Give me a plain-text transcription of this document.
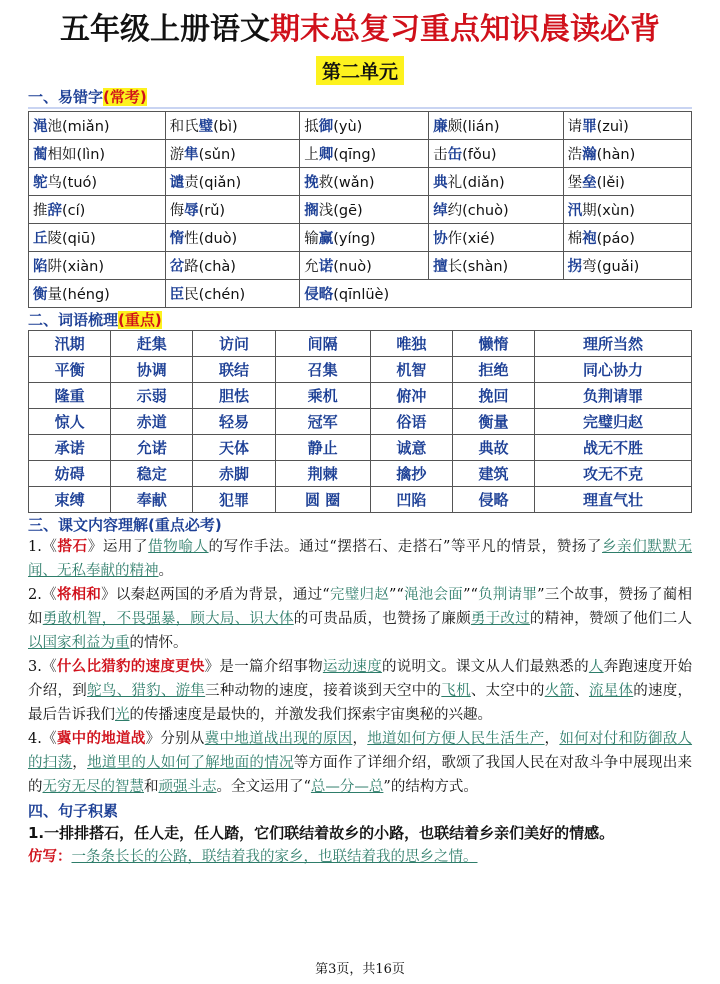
五年级上册语文 期末总复习重点知识晨读必背
第二单元
一、易错字(常考)
渑池(miǎn)	和氏璧(bì)	抵御(yù)	廉颇(lián)	请罪(zuì)
蔺相如(lìn)	游隼(sǔn)	上卿(qīng)	击缶(fǒu)	浩瀚(hàn)
鸵鸟(tuó)	谴责(qiǎn)	挽救(wǎn)	典礼(diǎn)	堡垒(lěi)
推辞(cí)	侮辱(rǔ)	搁浅(gē)	绰约(chuò)	汛期(xùn)
丘陵(qiū)	惰性(duò)	输赢(yíng)	协作(xié)	棉袍(páo)
陷阱(xiàn)	岔路(chà)	允诺(nuò)	擅长(shàn)	拐弯(guǎi)
衡量(héng)	臣民(chén)	侵略(qīnlüè)		
二、词语梳理(重点)
汛期	赶集	访问	间隔	唯独	懒惰	理所当然
平衡	协调	联结	召集	机智	拒绝	同心协力
隆重	示弱	胆怯	乘机	俯冲	挽回	负荆请罪
惊人	赤道	轻易	冠军	俗语	衡量	完璧归赵
承诺	允诺	天体	静止	诚意	典故	战无不胜
妨碍	稳定	赤脚	荆棘	擒抄	建筑	攻无不克
束缚	奉献	犯罪	圆 圈	凹陷	侵略	理直气壮
三、课文内容理解(重点必考)

1.《搭石》运用了借物喻人的写作手法。通过“摆搭石、走搭石”等平凡的情景，赞扬了乡亲们默默无闻、无私奉献的精神。

2.《将相和》以秦赵两国的矛盾为背景，通过“完璧归赵”“渑池会面”“负荆请罪”三个故事，赞扬了蔺相如勇敢机智，不畏强暴，顾大局、识大体的可贵品质，也赞扬了廉颇勇于改过的精神，赞颂了他们二人以国家利益为重的情怀。

3.《什么比猎豹的速度更快》是一篇介绍事物运动速度的说明文。课文从人们最熟悉的人奔跑速度开始介绍，到鸵鸟、猎豹、游隼三种动物的速度，接着谈到天空中的飞机、太空中的火箭、流星体的速度，最后告诉我们光的传播速度是最快的，并激发我们探索宇宙奥秘的兴趣。

4.《冀中的地道战》分别从冀中地道战出现的原因，地道如何方便人民生活生产，如何对付和防御敌人的扫荡，地道里的人如何了解地面的情况等方面作了详细介绍，歌颂了我国人民在对敌斗争中展现出来的无穷无尽的智慧和顽强斗志。全文运用了“总—分—总”的结构方式。

四、句子积累

1.一排排搭石，任人走，任人踏，它们联结着故乡的小路，也联结着乡亲们美好的情感。

仿写：一条条长长的公路，联结着我的家乡，也联结着我的思乡之情。

第3页，共16页
